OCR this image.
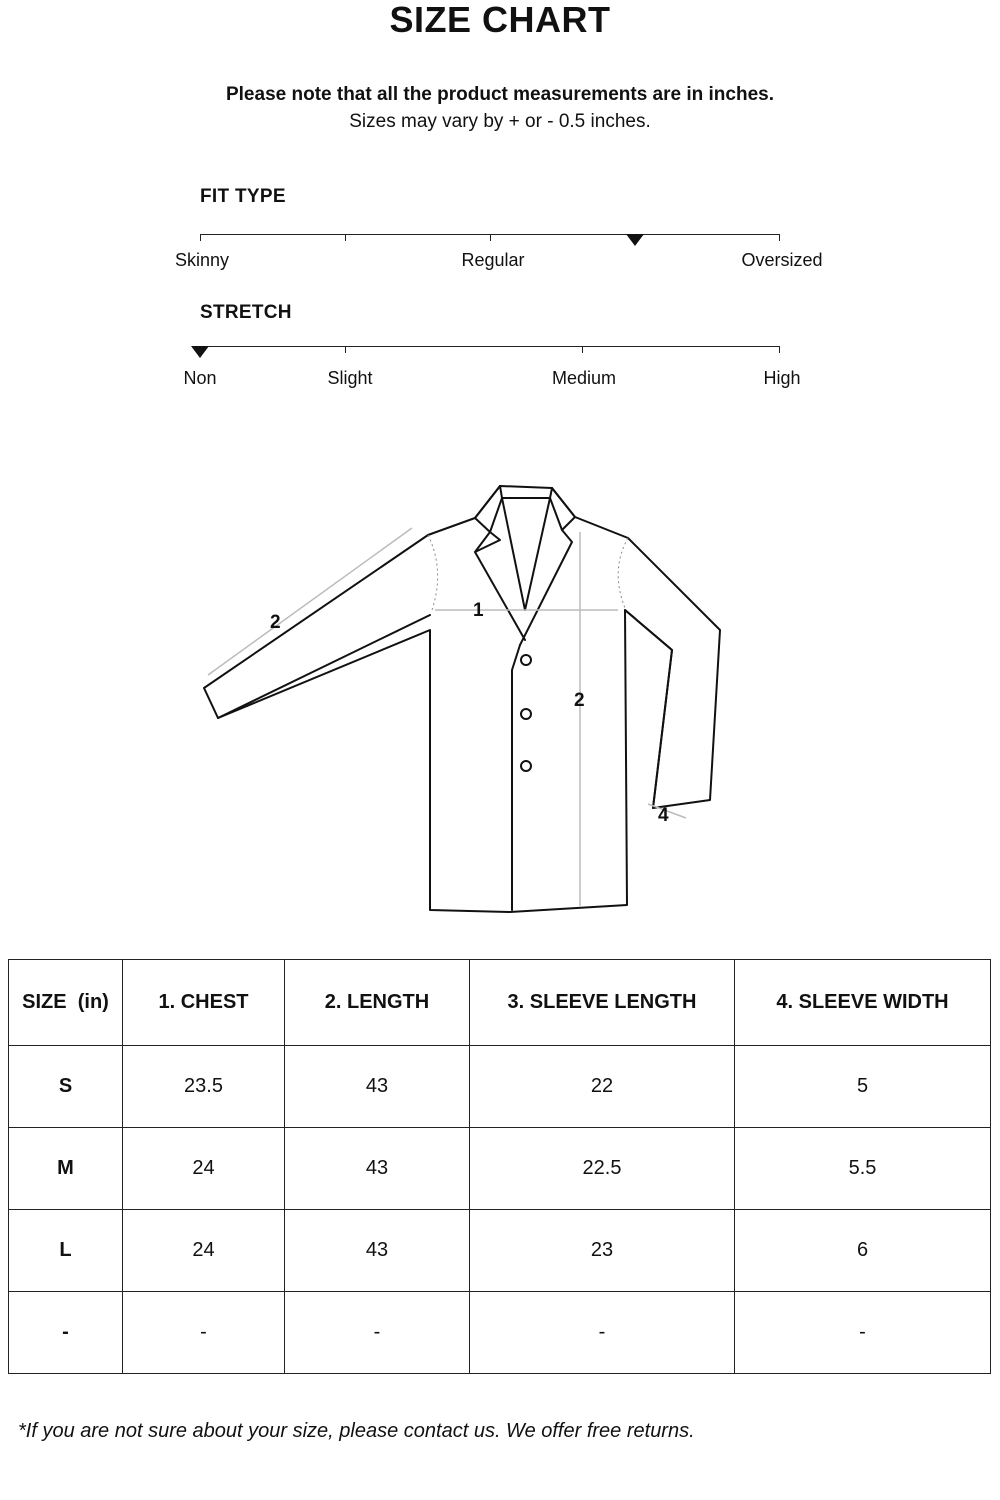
SIZE CHART
Please note that all the product measurements are in inches.
Sizes may vary by + or - 0.5 inches.
FIT TYPE
Skinny	Regular	Oversized
STRETCH
Non	Slight	Medium	High
2
1
2
4
SIZE  (in)	1. CHEST	2. LENGTH	3. SLEEVE LENGTH	4. SLEEVE WIDTH
S	23.5	43	22	5
M	24	43	22.5	5.5
L	24	43	23	6
-	-	-	-	-
*If you are not sure about your size, please contact us. We offer free returns.
